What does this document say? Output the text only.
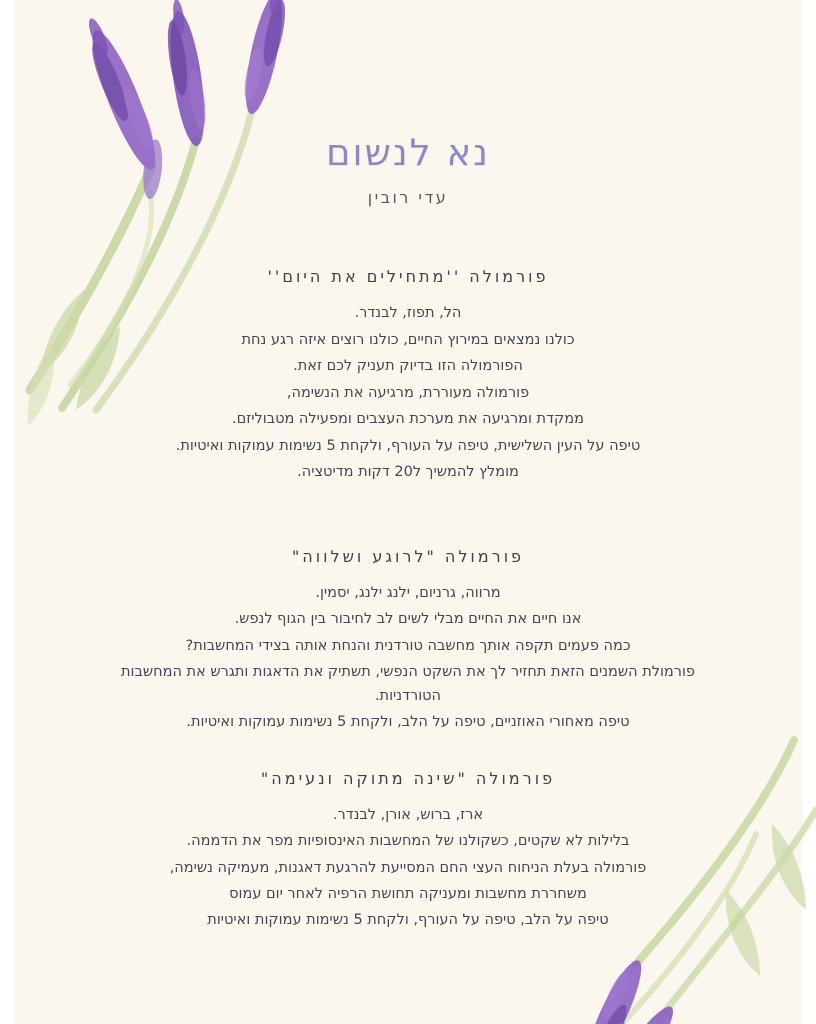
נא לנשום
עדי רובין
פורמולה ''מתחילים את היום''

הל, תפוז, לבנדר.

כולנו נמצאים במירוץ החיים, כולנו רוצים איזה רגע נחת

הפורמולה הזו בדיוק תעניק לכם זאת.

פורמולה מעוררת, מרגיעה את הנשימה,

ממקדת ומרגיעה את מערכת העצבים ומפעילה מטבוליזם.

טיפה על העין השלישית, טיפה על העורף, ולקחת 5 נשימות עמוקות ואיטיות.

מומלץ להמשיך ל20 דקות מדיטציה.

פורמולה "לרוגע ושלווה"

מרווה, גרניום, ילנג ילנג, יסמין.

אנו חיים את החיים מבלי לשים לב לחיבור בין הגוף לנפש.

כמה פעמים תקפה אותך מחשבה טורדנית והנחת אותה בצידי המחשבות?

פורמולת השמנים הזאת תחזיר לך את השקט הנפשי, תשתיק את הדאגות ותגרש את המחשבות הטורדניות.

טיפה מאחורי האוזניים, טיפה על הלב, ולקחת 5 נשימות עמוקות ואיטיות.

פורמולה "שינה מתוקה ונעימה"

ארז, ברוש, אורן, לבנדר.

בלילות לא שקטים, כשקולנו של המחשבות האינסופיות מפר את הדממה.

פורמולה בעלת הניחוח העצי החם המסייעת להרגעת דאגנות, מעמיקה נשימה,

משחררת מחשבות ומעניקה תחושת הרפיה לאחר יום עמוס

טיפה על הלב, טיפה על העורף, ולקחת 5 נשימות עמוקות ואיטיות
